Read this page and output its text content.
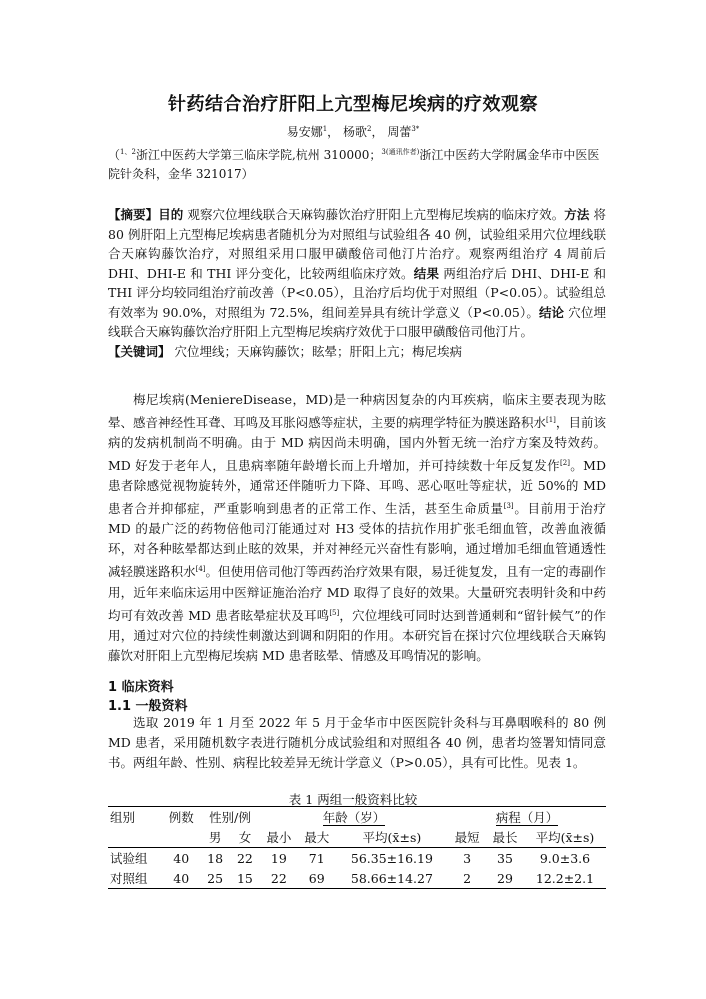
针药结合治疗肝阳上亢型梅尼埃病的疗效观察
易安娜$^1$， 杨歌$^2$， 周蕾$^{3*}$
（$^{1、2}$浙江中医药大学第三临床学院,杭州 310000；$^{3(通讯作者)}$浙江中医药大学附属金华市中医医院针灸科，金华 321017）

【摘要】目的 观察穴位埋线联合天麻钩藤饮治疗肝阳上亢型梅尼埃病的临床疗效。方法 将 80 例肝阳上亢型梅尼埃病患者随机分为对照组与试验组各 40 例，试验组采用穴位埋线联合天麻钩藤饮治疗，对照组采用口服甲磺酸倍司他汀片治疗。观察两组治疗 4 周前后 DHI、DHI-E 和 THI 评分变化，比较两组临床疗效。结果 两组治疗后 DHI、DHI-E 和 THI 评分均较同组治疗前改善（P<0.05），且治疗后均优于对照组（P<0.05）。试验组总有效率为 90.0%，对照组为 72.5%，组间差异具有统计学意义（P<0.05）。结论 穴位埋线联合天麻钩藤饮治疗肝阳上亢型梅尼埃病疗效优于口服甲磺酸倍司他汀片。

【关键词】 穴位埋线；天麻钩藤饮；眩晕；肝阳上亢；梅尼埃病

梅尼埃病(MeniereDisease，MD)是一种病因复杂的内耳疾病，临床主要表现为眩晕、感音神经性耳聋、耳鸣及耳胀闷感等症状，主要的病理学特征为膜迷路积水[1]，目前该病的发病机制尚不明确。由于 MD 病因尚未明确，国内外暂无统一治疗方案及特效药。MD 好发于老年人，且患病率随年龄增长而上升增加，并可持续数十年反复发作[2]。MD 患者除感觉视物旋转外，通常还伴随听力下降、耳鸣、恶心呕吐等症状，近 50%的 MD 患者合并抑郁症，严重影响到患者的正常工作、生活，甚至生命质量[3]。目前用于治疗 MD 的最广泛的药物倍他司汀能通过对 H3 受体的拮抗作用扩张毛细血管，改善血液循环，对各种眩晕都达到止眩的效果，并对神经元兴奋性有影响，通过增加毛细血管通透性减轻膜迷路积水[4]。但使用倍司他汀等西药治疗效果有限，易迁徙复发，且有一定的毒副作用，近年来临床运用中医辩证施治治疗 MD 取得了良好的效果。大量研究表明针灸和中药均可有效改善 MD 患者眩晕症状及耳鸣[5]，穴位埋线可同时达到普通刺和“留针候气”的作用，通过对穴位的持续性刺激达到调和阴阳的作用。本研究旨在探讨穴位埋线联合天麻钩藤饮对肝阳上亢型梅尼埃病 MD 患者眩晕、情感及耳鸣情况的影响。

1 临床资料
1.1 一般资料

选取 2019 年 1 月至 2022 年 5 月于金华市中医医院针灸科与耳鼻咽喉科的 80 例 MD 患者，采用随机数字表进行随机分成试验组和对照组各 40 例，患者均签署知情同意书。两组年龄、性别、病程比较差异无统计学意义（P>0.05），具有可比性。见表 1。

表 1 两组一般资料比较
组别	例数	性别/例		年龄（岁）			病程（月）		
		男	女	最小	最大	平均(x̄±s)	最短	最长	平均(x̄±s)
试验组	40	18	22	19	71	56.35±16.19	3	35	9.0±3.6
对照组	40	25	15	22	69	58.66±14.27	2	29	12.2±2.1
